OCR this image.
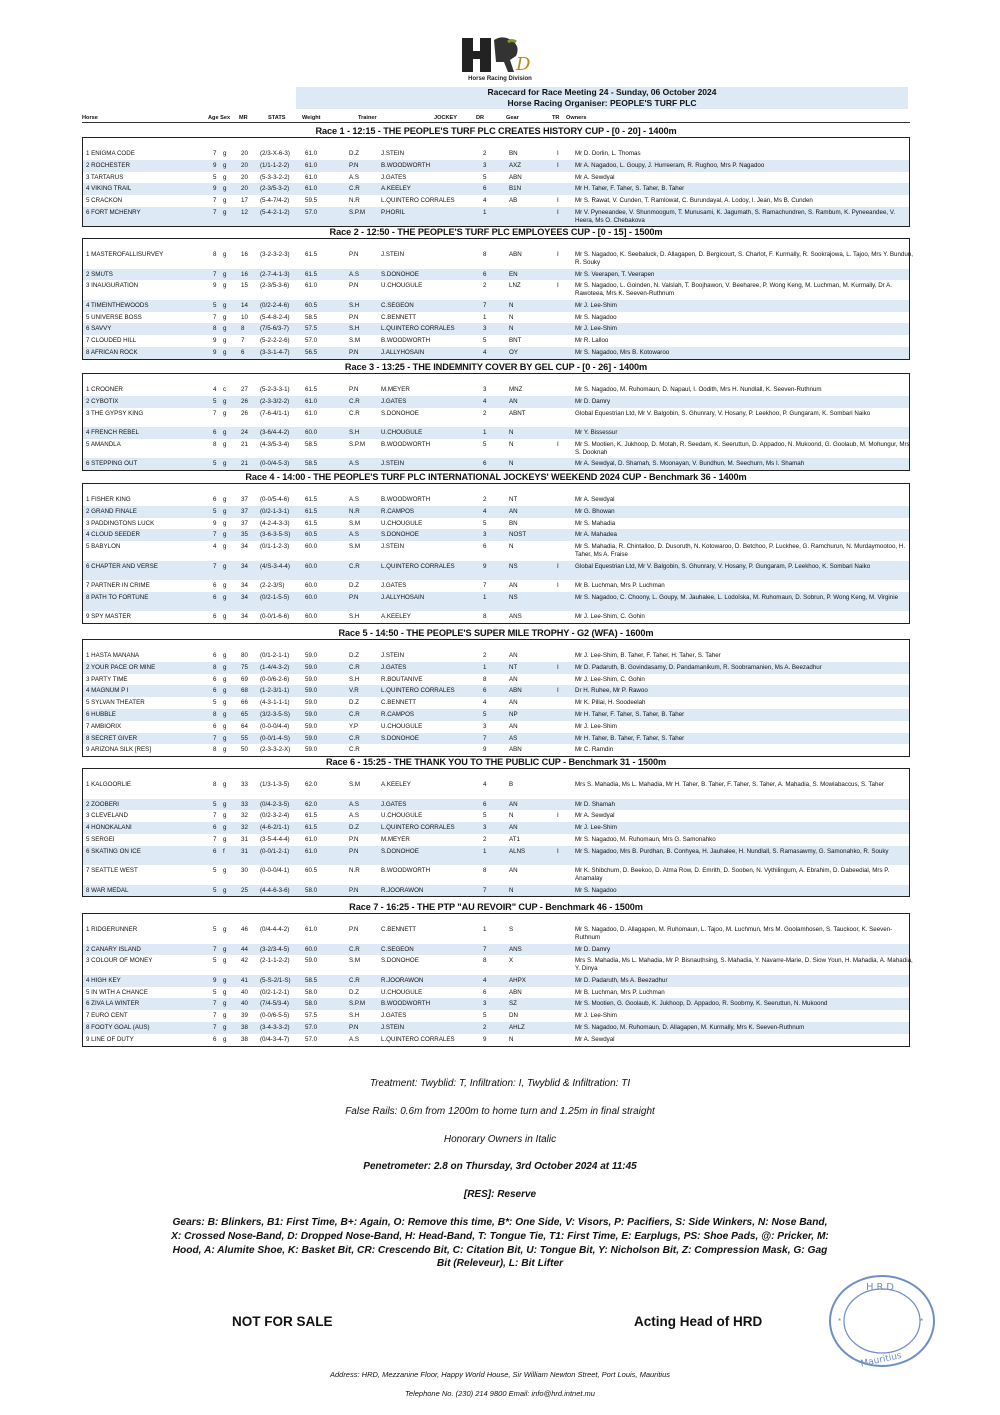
D
Horse Racing Division
Racecard for Race Meeting 24 - Sunday, 06 October 2024
Horse Racing Organiser: PEOPLE'S TURF PLC
Horse	Age Sex MR	STATS	Weight	Trainer	JOCKEY	DR	Gear	TR Owners
Race 1 - 12:15 - THE PEOPLE'S TURF PLC CREATES HISTORY CUP - [0 - 20] - 1400m
1 ENIGMA CODE	7 g 20 (2/3-X-6-3) 61.0	D.Z	J.STEIN	2	BN	I	Mr D. Dorlin, L. Thomas
2 ROCHESTER	9 g 20 (1/1-1-2-2)	61.0	P.N	B.WOODWORTH	3	AXZ	I	Mr A. Nagadoo, L. Goupy, J. Hurreeram, R. Rughoo, Mrs P. Nagadoo
3 TARTARUS	5 g 20 (5-3-3-2-2) 61.0	A.S	J.GATES	5	ABN	Mr A. Sewdyal
4 VIKING TRAIL	9 g 20 (2-3/5-3-2)	61.0	C.R	A.KEELEY	6	B1N	Mr H. Taher, F. Taher, S. Taher, B. Taher
5 CRACKON	7 g 17 (5-4-7/4-2)	59.5	N.R	L.QUINTERO CORRALES	4	AB	I	Mr S. Rawat, V. Cunden, T. Ramlowat, C. Burundayal, A. Lodoy, I. Jean, Ms B. Cunden
6 FORT MCHENRY	7 g 12 (5-4-2-1-2) 57.0	S.P.M	P.HORIL	1	I	Mr V. Pyneeandee, V. Shunmoogum, T. Munusami, K. Jagumath, S. Ramachundren, S. Rambum, K. Pyneeandee, V. Heera, Ms O. Chebakova
Race 2 - 12:50 - THE PEOPLE'S TURF PLC EMPLOYEES CUP - [0 - 15] - 1500m
1 MASTEROFALLISURVEY	8 g 16 (3-2-3-2-3) 61.5	P.N	J.STEIN	8	ABN	I	Mr S. Nagadoo, K. Seebaluck, D. Allagapen, D. Bergicourt, S. Charlot, F. Kurmally, R. Sookrajowa, L. Tajoo, Mrs Y. Bundun, R. Souky
2 SMUTS	7 g 16 (2-7-4-1-3) 61.5	A.S	S.DONOHOE	6	EN	Mr S. Veerapen, T. Veerapen
3 INAUGURATION	9 g 15 (2-3/5-3-6)	61.0	P.N	U.CHOUGULE	2	LNZ	I	Mr S. Nagadoo, L. Goinden, N. Valslah, T. Boojhawon, V. Beeharee, P. Wong Keng, M. Luchman, M. Kurmally, Dr A. Rawoteea, Mrs K. Seeven-Ruthnum
4 TIMEINTHEWOODS	5 g 14 (0/2-2-4-6)	60.5	S.H	C.SEGEON	7	N	Mr J. Lee-Shim
5 UNIVERSE BOSS	7 g 10 (5-4-8-2-4) 58.5	P.N	C.BENNETT	1	N	Mr S. Nagadoo
6 SAVVY	8 g 8	(7/5-6/3-7)	57.5	S.H	L.QUINTERO CORRALES	3	N	Mr J. Lee-Shim
7 CLOUDED HILL	9 g 7	(5-2-2-2-6) 57.0	S.M	B.WOODWORTH	5	BNT	Mr R. Lalloo
8 AFRICAN ROCK	9 g 6	(3-3-1-4-7) 56.5	P.N	J.ALLYHOSAIN	4	OY	Mr S. Nagadoo, Mrs B. Kotowaroo
Race 3 - 13:25 - THE INDEMNITY COVER BY GEL CUP - [0 - 26] - 1400m
1 CROONER	4 c 27 (5-2-3-3-1) 61.5	P.N	M.MEYER	3	MNZ	Mr S. Nagadoo, M. Ruhomaun, D. Napaul, I. Oodith, Mrs H. Nundlall, K. Seeven-Ruthnum
2 CYBOTIX	5 g 26 (2-3-3/2-2)	61.0	C.R	J.GATES	4	AN	Mr D. Damry
3 THE GYPSY KING	7 g 26 (7-6-4/1-1)	61.0	C.R	S.DONOHOE	2	ABNT	Global Equestrian Ltd, Mr V. Balgobin, S. Ghunrary, V. Hosany, P. Leekhoo, P. Gungaram, K. Sombari Naiko
4 FRENCH REBEL	6 g 24 (3-6/4-4-2)	60.0	S.H	U.CHOUGULE	1	N	Mr Y. Bissessur
5 AMANDLA	8 g 21 (4-3/5-3-4)	58.5	S.P.M	B.WOODWORTH	5	N	I	Mr S. Mootien, K. Jukhoop, D. Motah, R. Seedam, K. Seeruttun, D. Appadoo, N. Mukoond, G. Goolaub, M. Mohungur, Mrs S. Dooknah
6 STEPPING OUT	5 g 21 (0-0/4-5-3)	58.5	A.S	J.STEIN	6	N	Mr A. Sewdyal, D. Shamah, S. Moonayan, V. Bundhun, M. Seechurn, Ms I. Shamah
Race 4 - 14:00 - THE PEOPLE'S TURF PLC INTERNATIONAL JOCKEYS' WEEKEND 2024 CUP - Benchmark 36 - 1400m
1 FISHER KING	6 g 37 (0-0/5-4-6)	61.5	A.S	B.WOODWORTH	2	NT	Mr A. Sewdyal
2 GRAND FINALE	5 g 37 (0/2-1-3-1)	61.5	N.R	R.CAMPOS	4	AN	Mr G. Bhowan
3 PADDINGTONS LUCK	9 g 37 (4-2-4-3-3) 61.5	S.M	U.CHOUGULE	5	BN	Mr S. Mahadia
4 CLOUD SEEDER	7 g 35 (3-6-3-5-S) 60.5	A.S	S.DONOHOE	3	NOST	Mr A. Mahadea
5 BABYLON	4 g 34 (0/1-1-2-3)	60.0	S.M	J.STEIN	6	N	Mr S. Mahadia, R. Chintalloo, D. Dusoruth, N. Kotowaroo, D. Betchoo, P. Luckhee, G. Ramchurun, N. Murdaymootoo, H. Taher, Ms A. Fraise
6 CHAPTER AND VERSE	7 g 34 (4/S-3-4-4) 60.0	C.R	L.QUINTERO CORRALES	9	NS	I	Global Equestrian Ltd, Mr V. Balgobin, S. Ghunrary, V. Hosany, P. Gungaram, P. Leekhoo, K. Sombari Naiko
7 PARTNER IN CRIME	6 g 34 (2-2-3/S)	60.0	D.Z	J.GATES	7	AN	I	Mr B. Luchman, Mrs P. Luchman
8 PATH TO FORTUNE	6 g 34 (0/2-1-5-5)	60.0	P.N	J.ALLYHOSAIN	1	NS	Mr S. Nagadoo, C. Choony, L. Goupy, M. Jauhalee, L. Lodoïska, M. Ruhomaun, D. Sobrun, P. Wong Keng, M. Virginie
9 SPY MASTER	6 g 34 (0-0/1-6-6)	60.0	S.H	A.KEELEY	8	ANS	Mr J. Lee-Shim, C. Gohin
Race 5 - 14:50 - THE PEOPLE'S SUPER MILE TROPHY - G2 (WFA) - 1600m
1 HASTA MANANA	6 g 80 (0/1-2-1-1)	59.0	D.Z	J.STEIN	2	AN	Mr J. Lee-Shim, B. Taher, F. Taher, H. Taher, S. Taher
2 YOUR PACE OR MINE	8 g 75 (1-4/4-3-2)	59.0	C.R	J.GATES	1	NT	I	Mr D. Padaruth, B. Govindasamy, D. Pandamanikum, R. Soobramanien, Ms A. Beezadhur
3 PARTY TIME	6 g 69 (0-0/6-2-6)	59.0	S.H	R.BOUTANIVE	8	AN	Mr J. Lee-Shim, C. Gohin
4 MAGNUM P I	6 g 68 (1-2-3/1-1)	59.0	V.R	L.QUINTERO CORRALES	6	ABN	I	Dr H. Ruhee, Mr P. Rawoo
5 SYLVAN THEATER	5 g 66 (4-3-1-1-1) 59.0	D.Z	C.BENNETT	4	AN	Mr K. Pillai, H. Soodeelah
6 HUBBLE	8 g 65 (3/2-3-5-S) 59.0	C.R	R.CAMPOS	5	NP	Mr H. Taher, F. Taher, S. Taher, B. Taher
7 AMBIORIX	6 g 64 (0-0-0/4-4)	59.0	Y.P	U.CHOUGULE	3	AN	Mr J. Lee-Shim
8 SECRET GIVER	7 g 55 (0-0/1-4-S) 59.0	C.R	S.DONOHOE	7	AS	Mr H. Taher, B. Taher, F. Taher, S. Taher
9 ARIZONA SILK [RES]	8 g 50 (2-3-3-2-X) 59.0	C.R	9	ABN	Mr C. Ramdin
Race 6 - 15:25 - THE THANK YOU TO THE PUBLIC CUP - Benchmark 31 - 1500m
1 KALGOORLIE	8 g 33 (1/3-1-3-5)	62.0	S.M	A.KEELEY	4	B	Mrs S. Mahadia, Ms L. Mahadia, Mr H. Taher, B. Taher, F. Taher, S. Taher, A. Mahadia, S. Mowlabaccus, S. Taher
2 ZOOBERI	5 g 33 (0/4-2-3-5)	62.0	A.S	J.GATES	6	AN	Mr D. Shamah
3 CLEVELAND	7 g 32 (0/2-3-2-4)	61.5	A.S	U.CHOUGULE	5	N	I	Mr A. Sewdyal
4 HONOKALANI	6 g 32 (4-6-2/1-1)	61.5	D.Z	L.QUINTERO CORRALES	3	AN	Mr J. Lee-Shim
5 SERGEI	7 g 31 (3-5-4-4-4) 61.0	P.N	M.MEYER	2	AT1	Mr S. Nagadoo, M. Ruhomaun, Mrs G. Samonahko
6 SKATING ON ICE	6 f	31 (0-0/1-2-1)	61.0	P.N	S.DONOHOE	1	ALNS	I	Mr S. Nagadoo, Mrs B. Purdhan, B. Conhyea, H. Jauhalee, H. Nundlall, S. Ramasawmy, G. Samonahko, R. Souky
7 SEATTLE WEST	5 g 30 (0-0-0/4-1)	60.5	N.R	B.WOODWORTH	8	AN	Mr K. Shibchurn, D. Beekoo, D. Atma Row, D. Emrith, D. Sooben, N. Vythilingum, A. Ebrahim, D. Dabeedial, Mrs P. Anamalay
8 WAR MEDAL	5 g 25 (4-4-6-3-6) 58.0	P.N	R.JOORAWON	7	N	Mr S. Nagadoo
Race 7 - 16:25 - THE PTP "AU REVOIR" CUP - Benchmark 46 - 1500m
1 RIDGERUNNER	5 g 46 (0/4-4-4-2)	61.0	P.N	C.BENNETT	1	S	Mr S. Nagadoo, D. Allagapen, M. Ruhomaun, L. Tajoo, M. Luchmun, Mrs M. Goolamhosen, S. Tauckoor, K. Seeven-Ruthnum
2 CANARY ISLAND	7 g 44 (3-2/3-4-5)	60.0	C.R	C.SEGEON	7	ANS	Mr D. Damry
3 COLOUR OF MONEY	5 g 42 (2-1-1-2-2) 59.0	S.M	S.DONOHOE	8	X	Mrs S. Mahadia, Ms L. Mahadia, Mr P. Bisnauthsing, S. Mahadia, Y. Navarre-Marie, D. Siow Youn, H. Mahadia, A. Mahadia, Y. Dinya
4 HIGH KEY	9 g 41 (5-S-2/1-S) 58.5	C.R	R.JOORAWON	4	AHPX	Mr D. Padaruth, Ms A. Beezadhur
5 IN WITH A CHANCE	5 g 40 (0/2-1-2-1)	58.0	D.Z	U.CHOUGULE	6	ABN	Mr B. Luchman, Mrs P. Luchman
6 ZIVA LA WINTER	7 g 40 (7/4-5/3-4)	58.0	S.P.M	B.WOODWORTH	3	SZ	Mr S. Mootien, G. Goolaub, K. Jukhoop, D. Appadoo, R. Soobrny, K. Seeruttun, N. Mukoond
7 EURO CENT	7 g 39 (0-0/6-5-5)	57.5	S.H	J.GATES	5	DN	Mr J. Lee-Shim
8 FOOTY GOAL (AUS)	7 g 38 (3-4-3-3-2) 57.0	P.N	J.STEIN	2	AHLZ	Mr S. Nagadoo, M. Ruhomaun, D. Allagapen, M. Kurmally, Mrs K. Seeven-Ruthnum
9 LINE OF DUTY	6 g 38 (0/4-3-4-7)	57.0	A.S	L.QUINTERO CORRALES	9	N	Mr A. Sewdyal
Treatment: Twyblid: T, Infiltration: I, Twyblid & Infiltration: TI
False Rails: 0.6m from 1200m to home turn and 1.25m in final straight
Honorary Owners in Italic
Penetrometer: 2.8 on Thursday, 3rd October 2024 at 11:45
[RES]: Reserve
Gears: B: Blinkers, B1: First Time, B+: Again, O: Remove this time, B*: One Side, V: Visors, P: Pacifiers, S: Side Winkers, N: Nose Band, X: Crossed Nose-Band, D: Dropped Nose-Band, H: Head-Band, T: Tongue Tie, T1: First Time, E: Earplugs, PS: Shoe Pads, @: Pricker, M: Hood, A: Alumite Shoe, K: Basket Bit, CR: Crescendo Bit, C: Citation Bit, U: Tongue Bit, Y: Nicholson Bit, Z: Compression Mask, G: Gag Bit (Releveur), L: Bit Lifter
NOT FOR SALE	Acting Head of HRD
H.R.D
Mauritius
*	*
Address: HRD, Mezzanine Floor, Happy World House, Sir William Newton Street, Port Louis, Mauritius
Telephone No. (230) 214 9800 Email: info@hrd.intnet.mu
